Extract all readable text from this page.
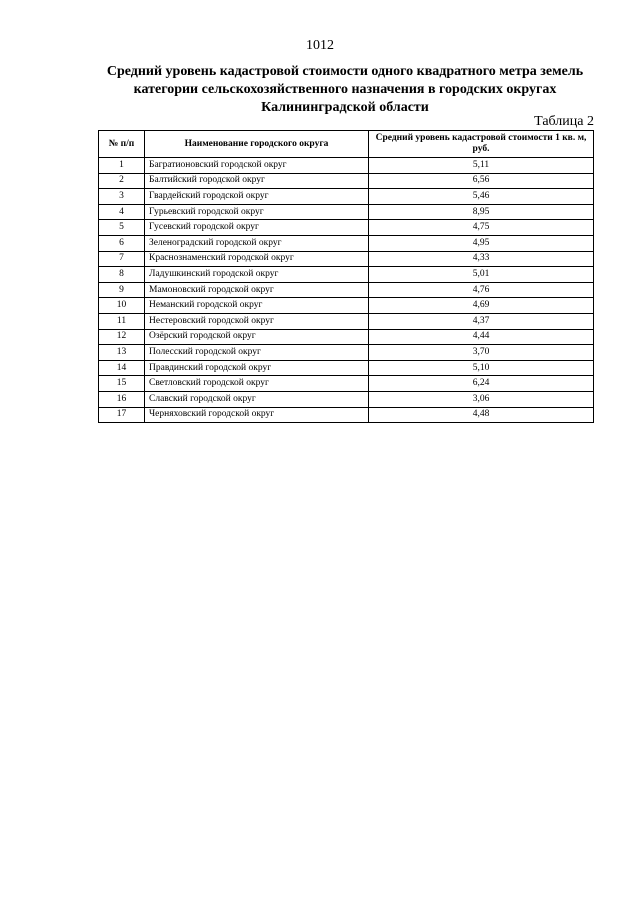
1012
Средний уровень кадастровой стоимости одного квадратного метра земель категории сельскохозяйственного назначения в городских округах Калининградской области
Таблица 2
№ п/п	Наименование городского округа	Средний уровень кадастровой стоимости 1 кв. м, руб.
1	Багратионовский городской округ	5,11
2	Балтийский городской округ	6,56
3	Гвардейский городской округ	5,46
4	Гурьевский городской округ	8,95
5	Гусевский городской округ	4,75
6	Зеленоградский городской округ	4,95
7	Краснознаменский городской округ	4,33
8	Ладушкинский городской округ	5,01
9	Мамоновский городской округ	4,76
10	Неманский городской округ	4,69
11	Нестеровский городской округ	4,37
12	Озёрский городской округ	4,44
13	Полесский городской округ	3,70
14	Правдинский городской округ	5,10
15	Светловский городской округ	6,24
16	Славский городской округ	3,06
17	Черняховский городской округ	4,48
